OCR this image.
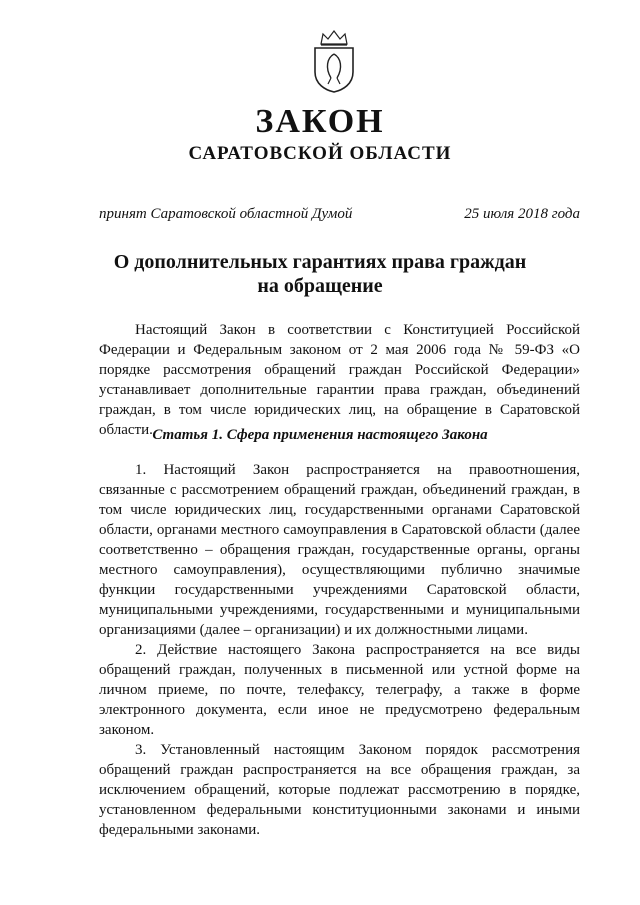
ЗАКОН
САРАТОВСКОЙ ОБЛАСТИ
принят Саратовской областной Думой	25 июля 2018 года
О дополнительных гарантиях права граждан
на обращение

Настоящий Закон в соответствии с Конституцией Российской Федерации и Федеральным законом от 2 мая 2006 года № 59-ФЗ «О порядке рассмотрения обращений граждан Российской Федерации» устанавливает дополнительные гарантии права граждан, объединений граждан, в том числе юридических лиц, на обращение в Саратовской области. Статья 1. Сфера применения настоящего Закона

1. Настоящий Закон распространяется на правоотношения, связанные с рассмотрением обращений граждан, объединений граждан, в том числе юридических лиц, государственными органами Саратовской области, органами местного самоуправления в Саратовской области (далее соответственно – обращения граждан, государственные органы, органы местного самоуправления), осуществляющими публично значимые функции государственными учреждениями Саратовской области, муниципальными учреждениями, государственными и муниципальными организациями (далее – организации) и их должностными лицами.

2. Действие настоящего Закона распространяется на все виды обращений граждан, полученных в письменной или устной форме на личном приеме, по почте, телефаксу, телеграфу, а также в форме электронного документа, если иное не предусмотрено федеральным законом.

3. Установленный настоящим Законом порядок рассмотрения обращений граждан распространяется на все обращения граждан, за исключением обращений, которые подлежат рассмотрению в порядке, установленном федеральными конституционными законами и иными федеральными законами.
